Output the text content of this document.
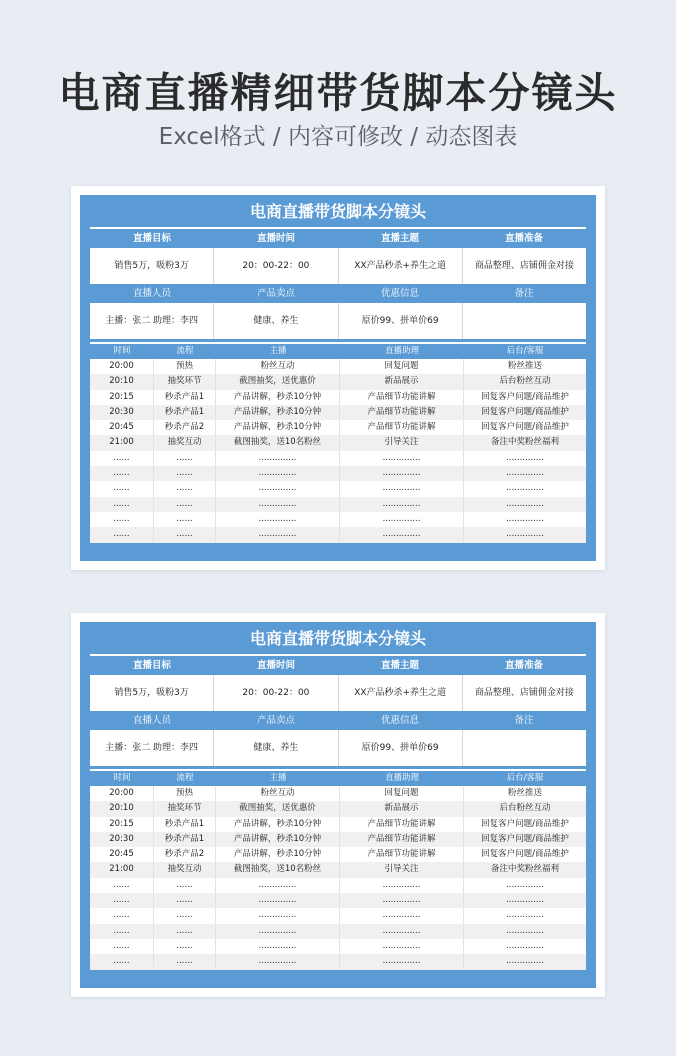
电商直播精细带货脚本分镜头
Excel格式 / 内容可修改 / 动态图表
电商直播带货脚本分镜头
直播目标	直播时间	直播主题	直播准备
销售5万，吸粉3万	20：00-22：00	XX产品秒杀+养生之道	商品整理、店铺佣金对接
直播人员	产品卖点	优惠信息	备注
主播：张二 助理：李四	健康、养生	原价99、拼单价69
时间	流程	主播	直播助理	后台/客服
20:00	预热	粉丝互动	回复问题	粉丝推送
20:10	抽奖环节	截图抽奖，送优惠价	新品展示	后台粉丝互动
20:15	秒杀产品1	产品讲解，秒杀10分钟	产品细节功能讲解	回复客户问题/商品维护
20:30	秒杀产品1	产品讲解，秒杀10分钟	产品细节功能讲解	回复客户问题/商品维护
20:45	秒杀产品2	产品讲解，秒杀10分钟	产品细节功能讲解	回复客户问题/商品维护
21:00	抽奖互动	截图抽奖，送10名粉丝	引导关注	备注中奖粉丝福利
......	......	..............	..............	..............
......	......	..............	..............	..............
......	......	..............	..............	..............
......	......	..............	..............	..............
......	......	..............	..............	..............
......	......	..............	..............	..............
电商直播带货脚本分镜头
直播目标	直播时间	直播主题	直播准备
销售5万，吸粉3万	20：00-22：00	XX产品秒杀+养生之道	商品整理、店铺佣金对接
直播人员	产品卖点	优惠信息	备注
主播：张二 助理：李四	健康、养生	原价99、拼单价69
时间	流程	主播	直播助理	后台/客服
20:00	预热	粉丝互动	回复问题	粉丝推送
20:10	抽奖环节	截图抽奖，送优惠价	新品展示	后台粉丝互动
20:15	秒杀产品1	产品讲解，秒杀10分钟	产品细节功能讲解	回复客户问题/商品维护
20:30	秒杀产品1	产品讲解，秒杀10分钟	产品细节功能讲解	回复客户问题/商品维护
20:45	秒杀产品2	产品讲解，秒杀10分钟	产品细节功能讲解	回复客户问题/商品维护
21:00	抽奖互动	截图抽奖，送10名粉丝	引导关注	备注中奖粉丝福利
......	......	..............	..............	..............
......	......	..............	..............	..............
......	......	..............	..............	..............
......	......	..............	..............	..............
......	......	..............	..............	..............
......	......	..............	..............	..............
